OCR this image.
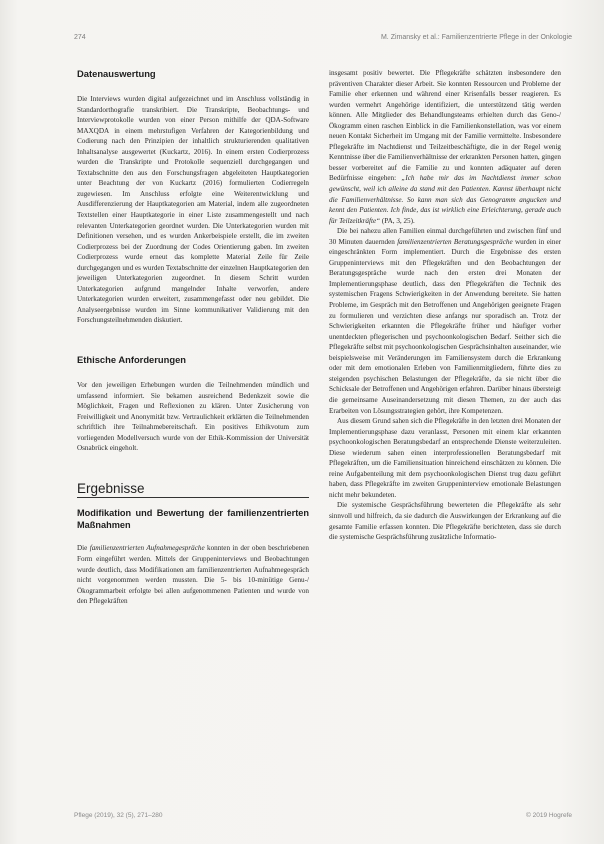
274	M. Zimansky et al.: Familienzentrierte Pflege in der Onkologie
Datenauswertung

Die Interviews wurden digital aufgezeichnet und im Anschluss vollständig in Standardorthografie transkribiert. Die Transkripte, Beobachtungs- und Interviewprotokolle wurden von einer Person mithilfe der QDA-Software MAXQDA in einem mehrstufigen Verfahren der Kategorienbildung und Codierung nach den Prinzipien der inhaltlich strukturierenden qualitativen Inhaltsanalyse ausgewertet (Kuckartz, 2016). In einem ersten Codierprozess wurden die Transkripte und Protokolle sequenziell durchgegangen und Textabschnitte den aus den Forschungsfragen abgeleiteten Hauptkategorien unter Beachtung der von Kuckartz (2016) formulierten Codierregeln zugewiesen. Im Anschluss erfolgte eine Weiterentwicklung und Ausdifferenzierung der Hauptkategorien am Material, indem alle zugeordneten Textstellen einer Hauptkategorie in einer Liste zusammengestellt und nach relevanten Unterkategorien geordnet wurden. Die Unterkategorien wurden mit Definitionen versehen, und es wurden Ankerbeispiele erstellt, die im zweiten Codierprozess bei der Zuordnung der Codes Orientierung gaben. Im zweiten Codierprozess wurde erneut das komplette Material Zeile für Zeile durchgegangen und es wurden Textabschnitte der einzelnen Hauptkategorien den jeweiligen Unterkategorien zugeordnet. In diesem Schritt wurden Unterkategorien aufgrund mangelnder Inhalte verworfen, andere Unterkategorien wurden erweitert, zusammengefasst oder neu gebildet. Die Analyseergebnisse wurden im Sinne kommunikativer Validierung mit den Forschungsteilnehmenden diskutiert.

Ethische Anforderungen

Vor den jeweiligen Erhebungen wurden die Teilnehmenden mündlich und umfassend informiert. Sie bekamen ausreichend Bedenkzeit sowie die Möglichkeit, Fragen und Reflexionen zu klären. Unter Zusicherung von Freiwilligkeit und Anonymität bzw. Vertraulichkeit erklärten die Teilnehmenden schriftlich ihre Teilnahmebereitschaft. Ein positives Ethikvotum zum vorliegenden Modellversuch wurde von der Ethik-Kommission der Universität Osnabrück eingeholt.

Ergebnisse
Modifikation und Bewertung der familienzentrierten Maßnahmen

Die familienzentrierten Aufnahmegespräche konnten in der oben beschriebenen Form eingeführt werden. Mittels der Gruppeninterviews und Beobachtungen wurde deutlich, dass Modifikationen am familienzentrierten Aufnahmegespräch nicht vorgenommen werden mussten. Die 5- bis 10-minütige Genu-/Ökogrammarbeit erfolgte bei allen aufgenommenen Patienten und wurde von den Pflegekräften

insgesamt positiv bewertet. Die Pflegekräfte schätzten insbesondere den präventiven Charakter dieser Arbeit. Sie konnten Ressourcen und Probleme der Familie eher erkennen und während einer Krisenfalls besser reagieren. Es wurden vermehrt Angehörige identifiziert, die unterstützend tätig werden können. Alle Mitglieder des Behandlungsteams erhielten durch das Geno-/Ökogramm einen raschen Einblick in die Familienkonstellation, was vor einem neuen Kontakt Sicherheit im Umgang mit der Familie vermittelte. Insbesondere Pflegekräfte im Nachtdienst und Teilzeitbeschäftigte, die in der Regel wenig Kenntnisse über die Familienverhältnisse der erkrankten Personen hatten, gingen besser vorbereitet auf die Familie zu und konnten adäquater auf deren Bedürfnisse eingehen: „Ich habe mir das im Nachtdienst immer schon gewünscht, weil ich alleine da stand mit den Patienten. Kannst überhaupt nicht die Familienverhältnisse. So kann man sich das Genogramm angucken und kennt den Patienten. Ich finde, das ist wirklich eine Erleichterung, gerade auch für Teilzeitkräfte“ (PA, 3, 25).

Die bei nahezu allen Familien einmal durchgeführten und zwischen fünf und 30 Minuten dauernden familienzentrierten Beratungsgespräche wurden in einer eingeschränkten Form implementiert. Durch die Ergebnisse des ersten Gruppeninterviews mit den Pflegekräften und den Beobachtungen der Beratungsgespräche wurde nach den ersten drei Monaten der Implementierungsphase deutlich, dass den Pflegekräften die Technik des systemischen Fragens Schwierigkeiten in der Anwendung bereitete. Sie hatten Probleme, im Gespräch mit den Betroffenen und Angehörigen geeignete Fragen zu formulieren und verzichten diese anfangs nur sporadisch an. Trotz der Schwierigkeiten erkannten die Pflegekräfte früher und häufiger vorher unentdeckten pflegerischen und psychoonkologischen Bedarf. Seither sich die Pflegekräfte selbst mit psychoonkologischen Gesprächsinhalten auseinander, wie beispielsweise mit Veränderungen im Familiensystem durch die Erkrankung oder mit dem emotionalen Erleben von Familienmitgliedern, führte dies zu steigenden psychischen Belastungen der Pflegekräfte, da sie nicht über die Schicksale der Betroffenen und Angehörigen erfahren. Darüber hinaus übersteigt die gemeinsame Auseinandersetzung mit diesen Themen, zu der auch das Erarbeiten von Lösungsstrategien gehört, ihre Kompetenzen.

Aus diesem Grund sahen sich die Pflegekräfte in den letzten drei Monaten der Implementierungsphase dazu veranlasst, Personen mit einem klar erkannten psychoonkologischen Beratungsbedarf an entsprechende Dienste weiterzuleiten. Diese wiederum sahen einen interprofessionellen Beratungsbedarf mit Pflegekräften, um die Familiensituation hinreichend einschätzen zu können. Die reine Aufgabenteilung mit dem psychoonkologischen Dienst trug dazu geführt haben, dass Pflegekräfte im zweiten Gruppeninterview emotionale Belastungen nicht mehr bekundeten.

Die systemische Gesprächsführung bewerteten die Pflegekräfte als sehr sinnvoll und hilfreich, da sie dadurch die Auswirkungen der Erkrankung auf die gesamte Familie erfassen konnten. Die Pflegekräfte berichteten, dass sie durch die systemische Gesprächsführung zusätzliche Informatio-

Pflege (2019), 32 (5), 271–280	© 2019 Hogrefe
